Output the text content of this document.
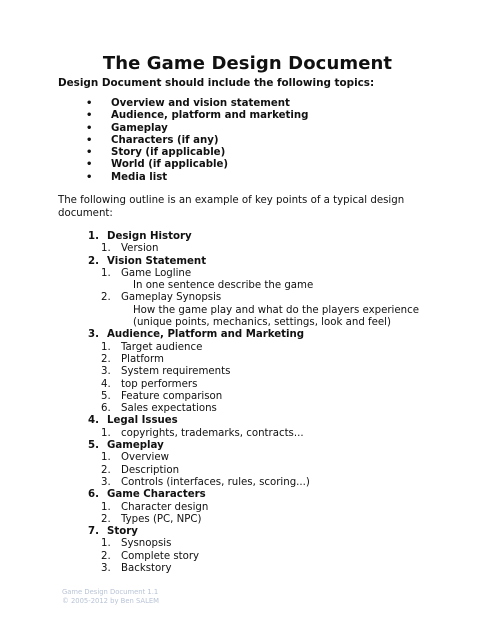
The Game Design Document

Design Document should include the following topics:

• Overview and vision statement
• Audience, platform and marketing
• Gameplay
• Characters (if any)
• Story (if applicable)
• World (if applicable)
• Media list

The following outline is an example of key points of a typical design document:

1. Design History
1. Version
2. Vision Statement
1. Game Logline
In one sentence describe the game
2. Gameplay Synopsis
How the game play and what do the players experience (unique points, mechanics, settings, look and feel)
3. Audience, Platform and Marketing
1. Target audience
2. Platform
3. System requirements
4. top performers
5. Feature comparison
6. Sales expectations
4. Legal Issues
1. copyrights, trademarks, contracts...
5. Gameplay
1. Overview
2. Description
3. Controls (interfaces, rules, scoring...)
6. Game Characters
1. Character design
2. Types (PC, NPC)
7. Story
1. Sysnopsis
2. Complete story
3. Backstory
Game Design Document 1.1
© 2005-2012 by Ben SALEM
